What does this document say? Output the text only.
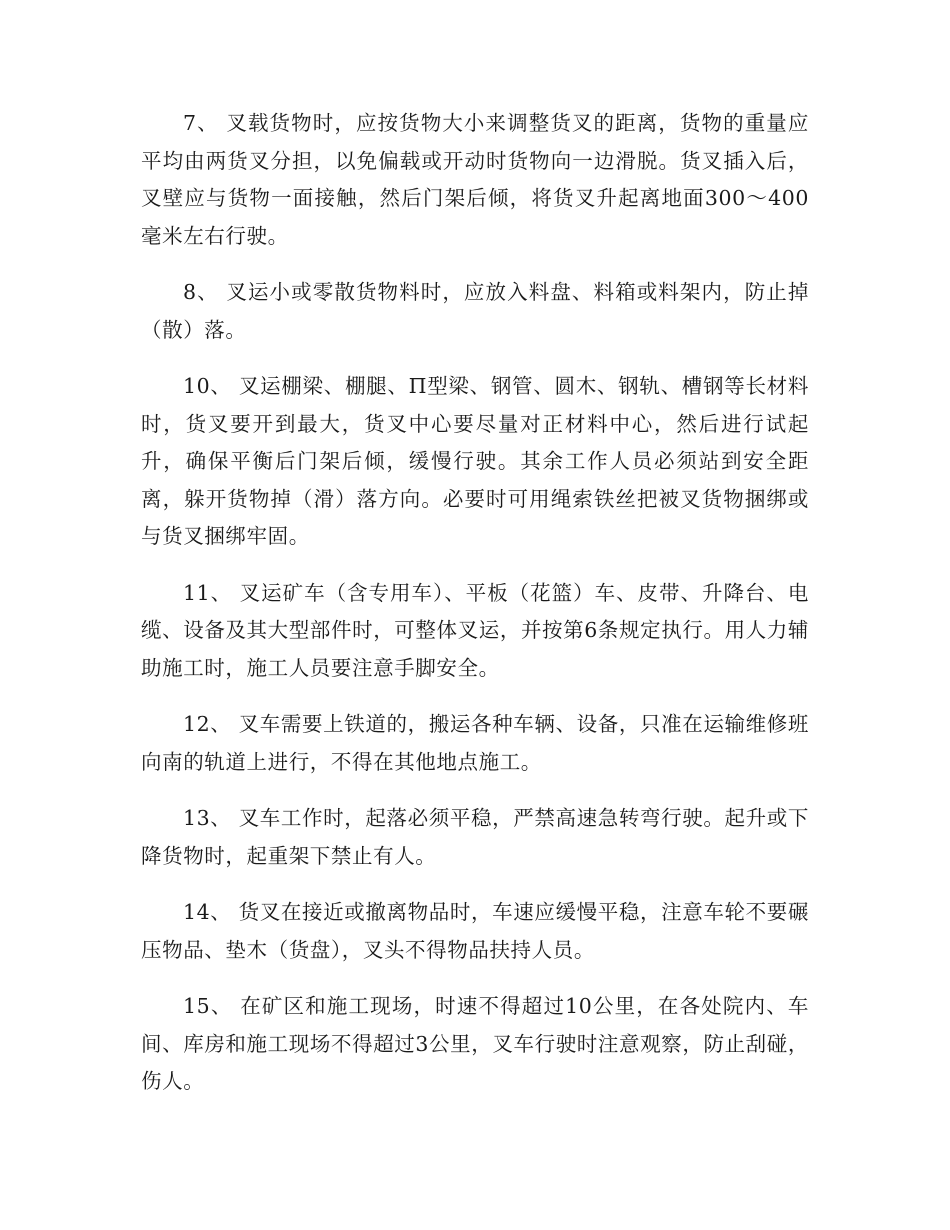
7、 叉载货物时，应按货物大小来调整货叉的距离，货物的重量应平均由两货叉分担，以免偏载或开动时货物向一边滑脱。货叉插入后，叉壁应与货物一面接触，然后门架后倾，将货叉升起离地面300～400毫米左右行驶。

8、 叉运小或零散货物料时，应放入料盘、料箱或料架内，防止掉（散）落。

10、 叉运棚梁、棚腿、Π型梁、钢管、圆木、钢轨、槽钢等长材料时，货叉要开到最大，货叉中心要尽量对正材料中心，然后进行试起升，确保平衡后门架后倾，缓慢行驶。其余工作人员必须站到安全距离，躲开货物掉（滑）落方向。必要时可用绳索铁丝把被叉货物捆绑或与货叉捆绑牢固。

11、 叉运矿车（含专用车）、平板（花篮）车、皮带、升降台、电缆、设备及其大型部件时，可整体叉运，并按第6条规定执行。用人力辅助施工时，施工人员要注意手脚安全。

12、 叉车需要上铁道的，搬运各种车辆、设备，只准在运输维修班向南的轨道上进行，不得在其他地点施工。

13、 叉车工作时，起落必须平稳，严禁高速急转弯行驶。起升或下降货物时，起重架下禁止有人。

14、 货叉在接近或撤离物品时，车速应缓慢平稳，注意车轮不要碾压物品、垫木（货盘），叉头不得物品扶持人员。

15、 在矿区和施工现场，时速不得超过10公里，在各处院内、车间、库房和施工现场不得超过3公里，叉车行驶时注意观察，防止刮碰，伤人。
